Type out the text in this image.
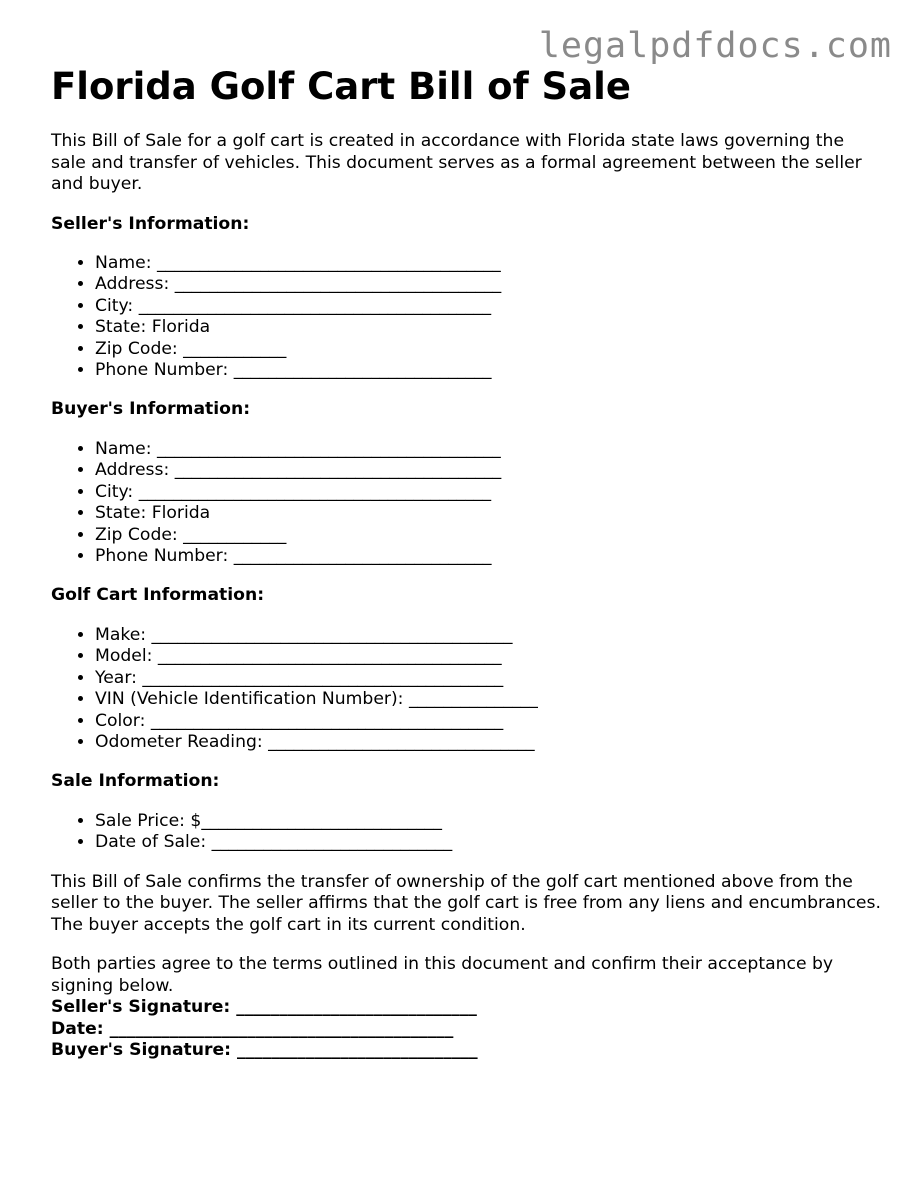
legalpdfdocs.com
Florida Golf Cart Bill of Sale

This Bill of Sale for a golf cart is created in accordance with Florida state laws governing the sale and transfer of vehicles. This document serves as a formal agreement between the seller and buyer.

Seller's Information:
• Name: ________________________________________
• Address: ______________________________________
• City: _________________________________________
• State: Florida
• Zip Code: ____________
• Phone Number: ______________________________
Buyer's Information:
• Name: ________________________________________
• Address: ______________________________________
• City: _________________________________________
• State: Florida
• Zip Code: ____________
• Phone Number: ______________________________
Golf Cart Information:
• Make: __________________________________________
• Model: ________________________________________
• Year: __________________________________________
• VIN (Vehicle Identification Number): _______________
• Color: _________________________________________
• Odometer Reading: _______________________________
Sale Information:
• Sale Price: $____________________________
• Date of Sale: ____________________________

This Bill of Sale confirms the transfer of ownership of the golf cart mentioned above from the seller to the buyer. The seller affirms that the golf cart is free from any liens and encumbrances. The buyer accepts the golf cart in its current condition.

Both parties agree to the terms outlined in this document and confirm their acceptance by signing below.

Seller's Signature: ____________________________

Date: ________________________________________

Buyer's Signature: ____________________________
